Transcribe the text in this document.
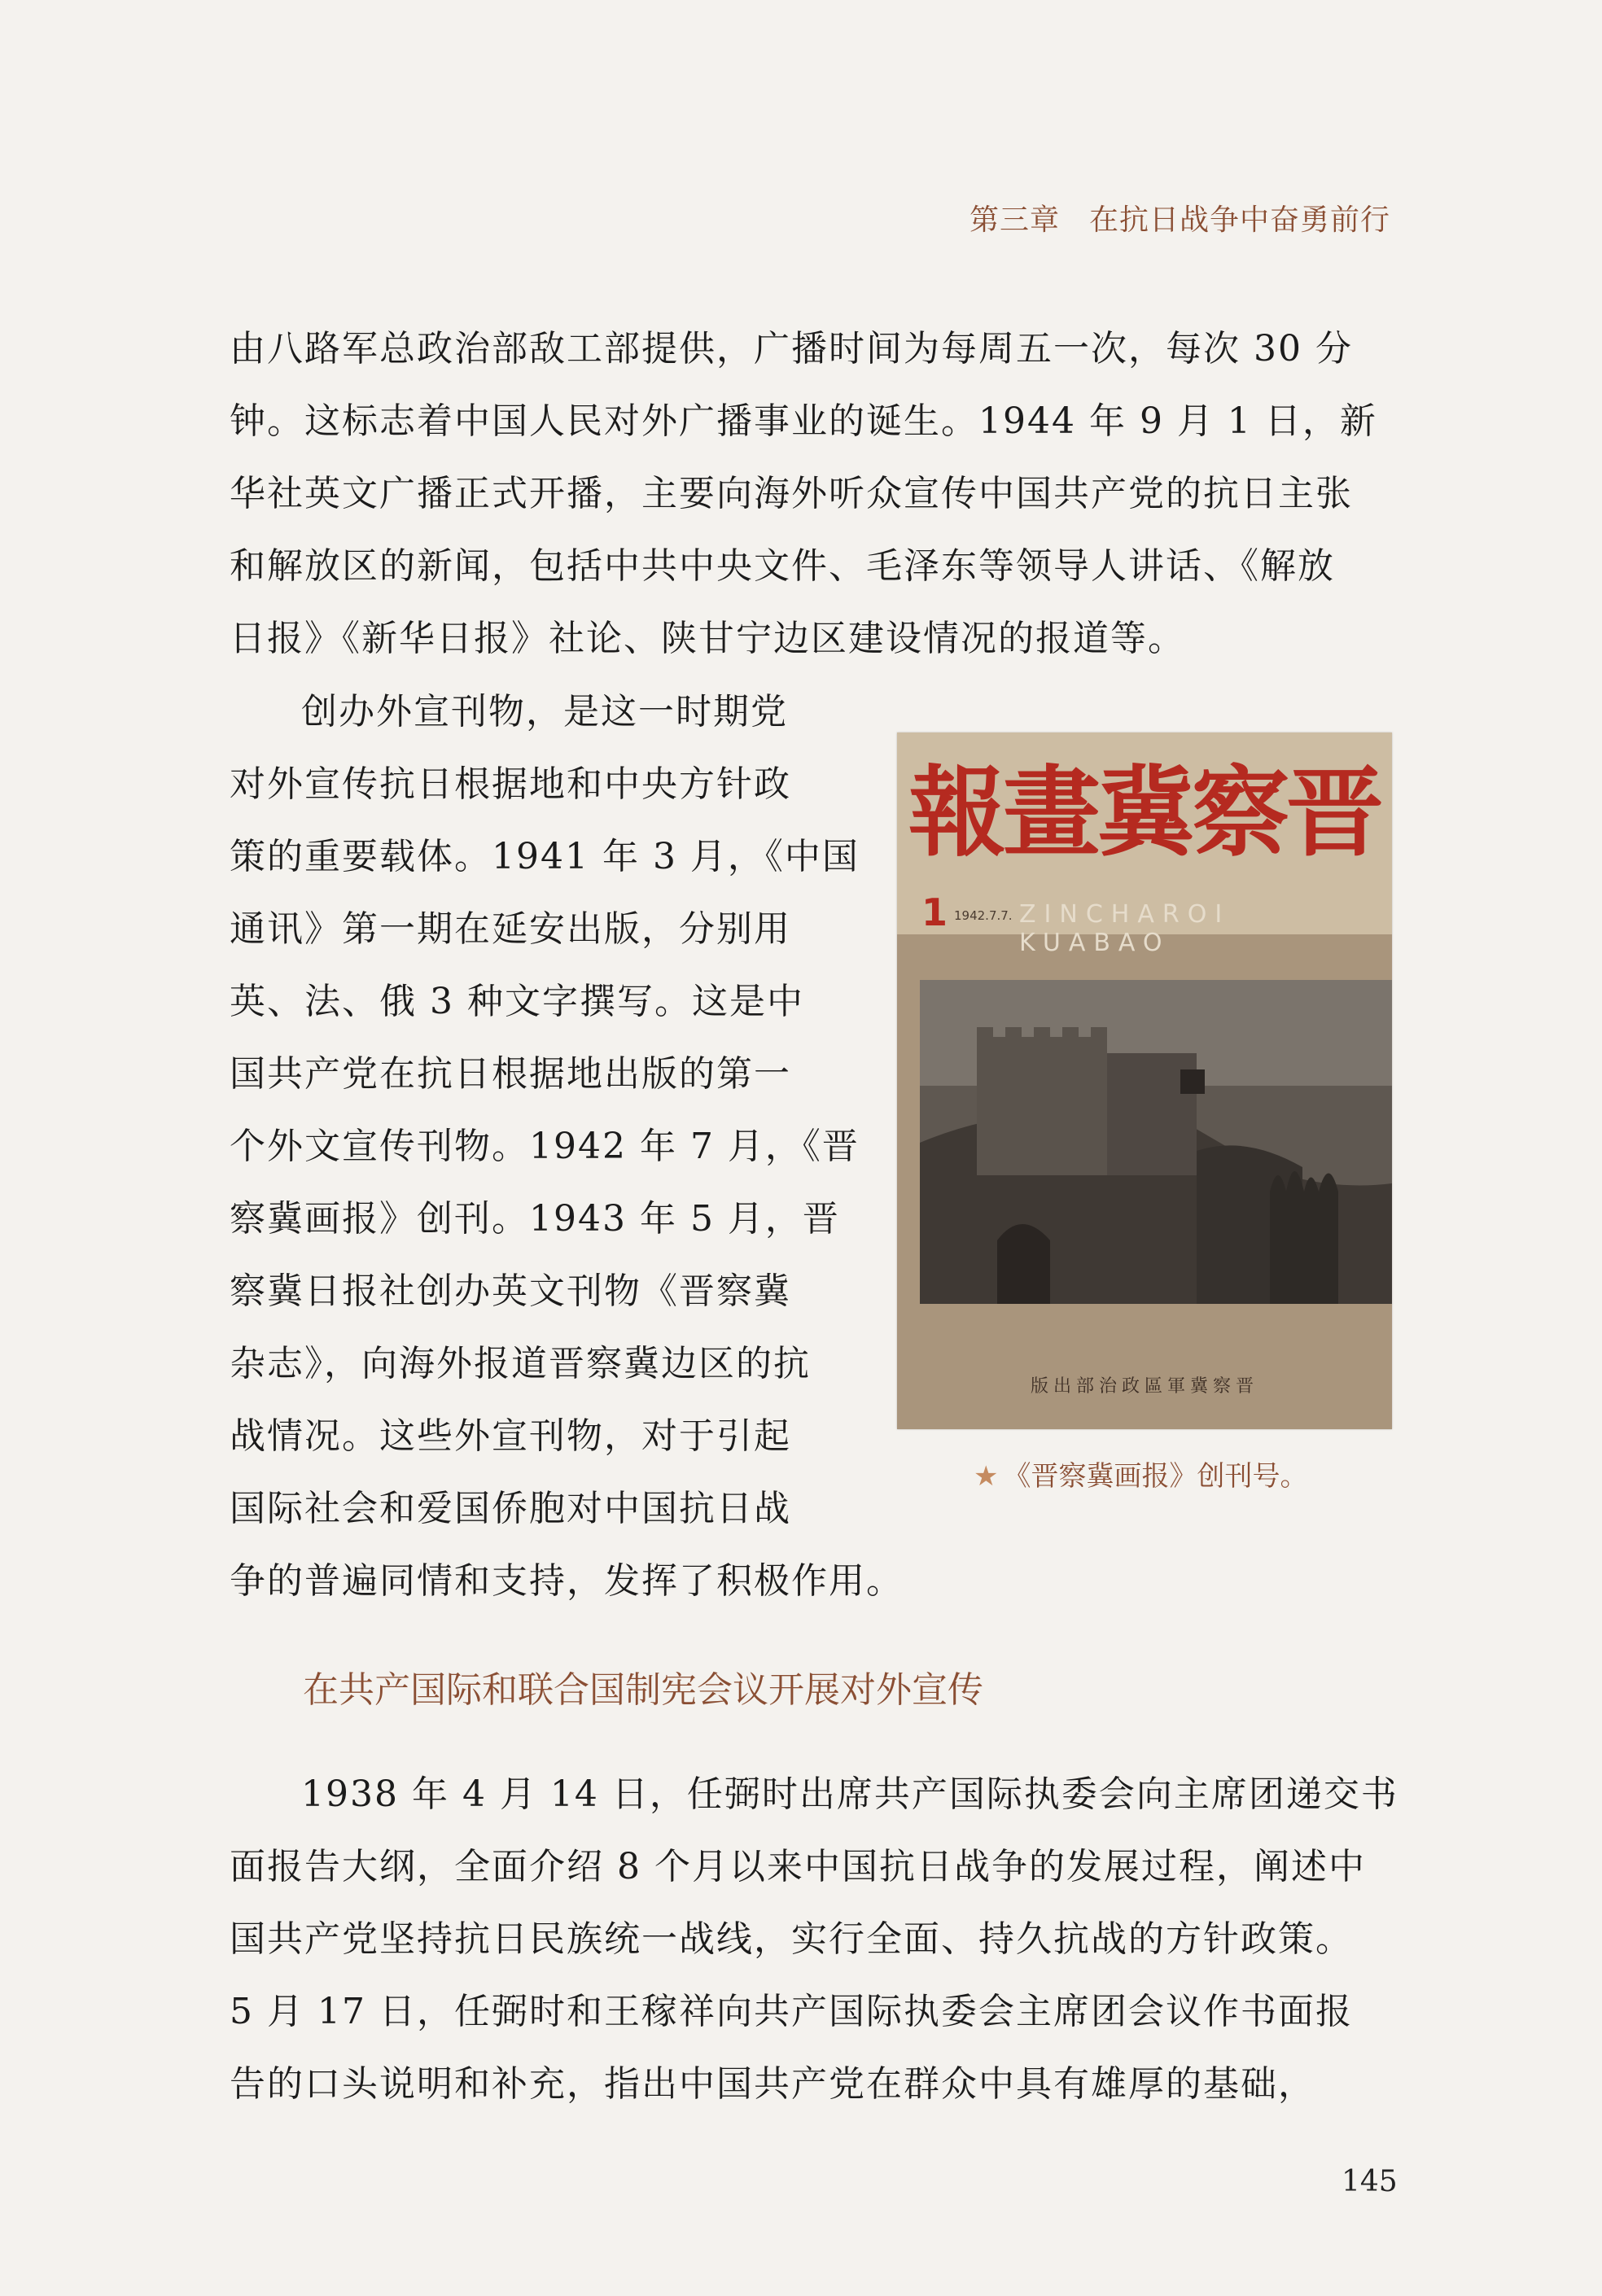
第三章 在抗日战争中奋勇前行

由八路军总政治部敌工部提供，广播时间为每周五一次，每次 30 分
钟。这标志着中国人民对外广播事业的诞生。1944 年 9 月 1 日，新
华社英文广播正式开播，主要向海外听众宣传中国共产党的抗日主张
和解放区的新闻，包括中共中央文件、毛泽东等领导人讲话、《解放
日报》《新华日报》社论、陕甘宁边区建设情况的报道等。

创办外宣刊物，是这一时期党
对外宣传抗日根据地和中央方针政
策的重要载体。1941 年 3 月，《中国
通讯》第一期在延安出版，分别用
英、法、俄 3 种文字撰写。这是中
国共产党在抗日根据地出版的第一
个外文宣传刊物。1942 年 7 月，《晋
察冀画报》创刊。1943 年 5 月，晋
察冀日报社创办英文刊物《晋察冀
杂志》，向海外报道晋察冀边区的抗
战情况。这些外宣刊物，对于引起
国际社会和爱国侨胞对中国抗日战
争的普遍同情和支持，发挥了积极作用。

報畫冀察晋
1 1942.7.7. ZINCHAROI KUABAO
版出部治政區軍冀察晋
★ 《晋察冀画报》创刊号。
在共产国际和联合国制宪会议开展对外宣传

1938 年 4 月 14 日，任弼时出席共产国际执委会向主席团递交书
面报告大纲，全面介绍 8 个月以来中国抗日战争的发展过程，阐述中
国共产党坚持抗日民族统一战线，实行全面、持久抗战的方针政策。
5 月 17 日，任弼时和王稼祥向共产国际执委会主席团会议作书面报
告的口头说明和补充，指出中国共产党在群众中具有雄厚的基础，

145
